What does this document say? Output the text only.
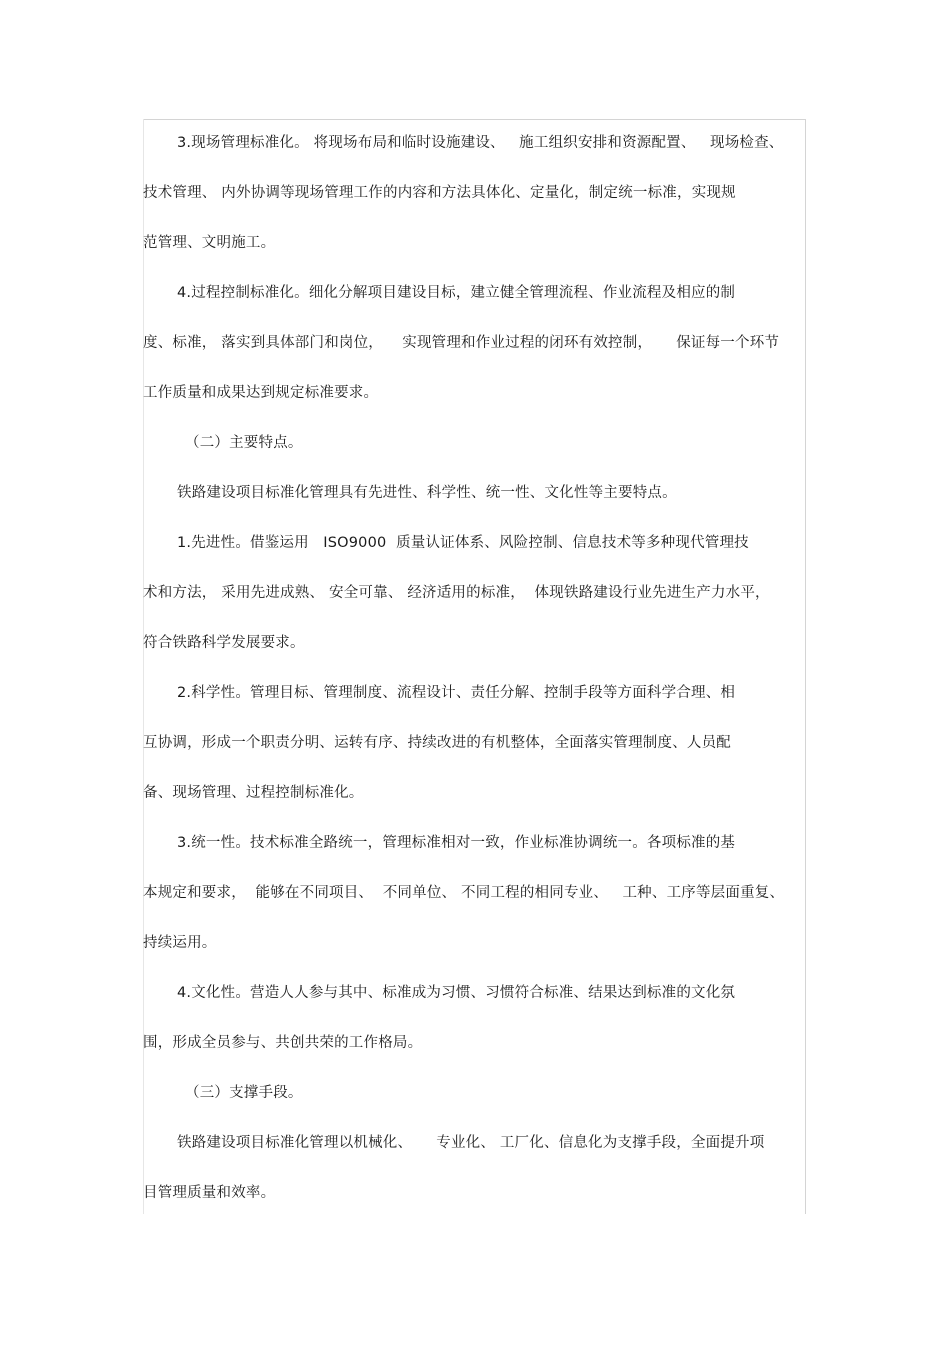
3.现场管理标准化。 将现场布局和临时设施建设、   施工组织安排和资源配置、   现场检查、
技术管理、 内外协调等现场管理工作的内容和方法具体化、定量化，制定统一标准，实现规
范管理、文明施工。
4.过程控制标准化。细化分解项目建设目标，建立健全管理流程、作业流程及相应的制
度、标准， 落实到具体部门和岗位，    实现管理和作业过程的闭环有效控制，     保证每一个环节
工作质量和成果达到规定标准要求。
（二）主要特点。
铁路建设项目标准化管理具有先进性、科学性、统一性、文化性等主要特点。
1.先进性。借鉴运用   ISO9000  质量认证体系、风险控制、信息技术等多种现代管理技
术和方法， 采用先进成熟、 安全可靠、 经济适用的标准，  体现铁路建设行业先进生产力水平，
符合铁路科学发展要求。
2.科学性。管理目标、管理制度、流程设计、责任分解、控制手段等方面科学合理、相
互协调，形成一个职责分明、运转有序、持续改进的有机整体，全面落实管理制度、人员配
备、现场管理、过程控制标准化。
3.统一性。技术标准全路统一，管理标准相对一致，作业标准协调统一。各项标准的基
本规定和要求，  能够在不同项目、  不同单位、 不同工程的相同专业、   工种、工序等层面重复、
持续运用。
4.文化性。营造人人参与其中、标准成为习惯、习惯符合标准、结果达到标准的文化氛
围，形成全员参与、共创共荣的工作格局。
（三）支撑手段。
铁路建设项目标准化管理以机械化、     专业化、 工厂化、信息化为支撑手段，全面提升项
目管理质量和效率。
